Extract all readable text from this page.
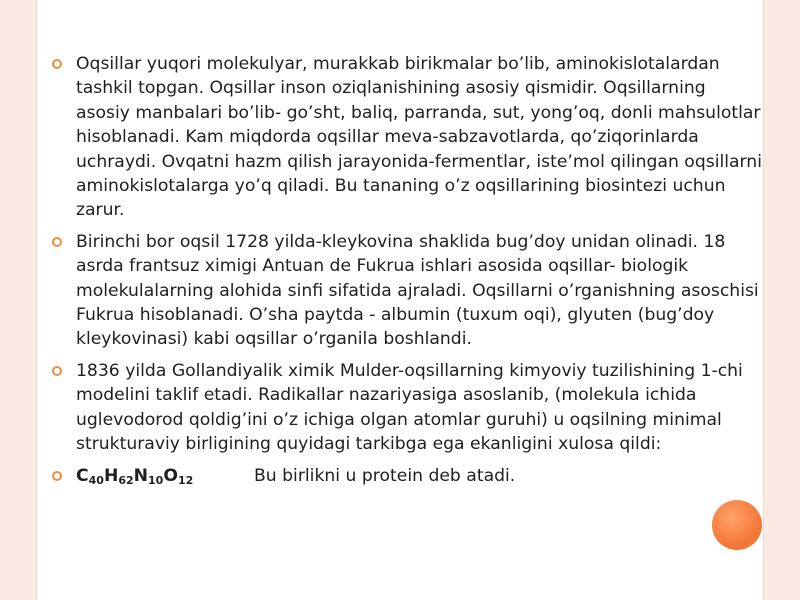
Oqsillar yuqori molekulyar, murakkab birikmalar bo’lib, aminokislotalardan tashkil topgan. Oqsillar inson oziqlanishining asosiy qismidir. Oqsillarning asosiy manbalari bo’lib- go’sht, baliq, parranda, sut, yong’oq, donli mahsulotlar hisoblanadi. Kam miqdorda oqsillar meva-sabzavotlarda, qo’ziqorinlarda uchraydi. Ovqatni hazm qilish jarayonida-fermentlar, iste’mol qilingan oqsillarni aminokislotalarga yo’q qiladi. Bu tananing o’z oqsillarining biosintezi uchun zarur.
Birinchi bor oqsil 1728 yilda-kleykovina shaklida bug’doy unidan olinadi. 18 asrda frantsuz ximigi Antuan de Fukrua ishlari asosida oqsillar- biologik molekulalarning alohida sinfi sifatida ajraladi. Oqsillarni o’rganishning asoschisi Fukrua hisoblanadi. O’sha paytda - albumin (tuxum oqi), glyuten (bug’doy kleykovinasi) kabi oqsillar o’rganila boshlandi.
1836 yilda Gollandiyalik ximik Mulder-oqsillarning kimyoviy tuzilishining 1-chi modelini taklif etadi. Radikallar nazariyasiga asoslanib, (molekula ichida uglevodorod qoldig’ini o’z ichiga olgan atomlar guruhi) u oqsilning minimal strukturaviy birligining quyidagi tarkibga ega ekanligini xulosa qildi:
$C_{40}H_{62}N_{10}O_{12}$	Bu birlikni u protein deb atadi.
